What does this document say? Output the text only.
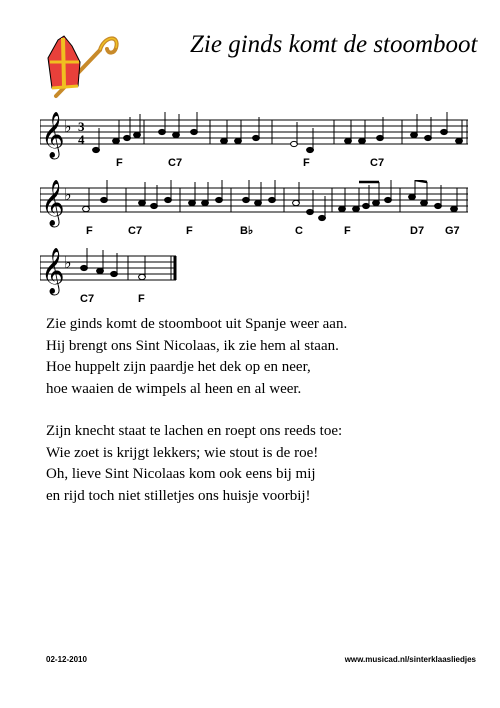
Zie ginds komt de stoomboot
𝄞 ♭ 3
4
F	C7	F	C7
𝄞 ♭
F	C7	F	B♭	C	F	D7 G7
𝄞 ♭
C7	F
Zie ginds komt de stoomboot uit Spanje weer aan.
Hij brengt ons Sint Nicolaas, ik zie hem al staan.
Hoe huppelt zijn paardje het dek op en neer,
hoe waaien de wimpels al heen en al weer.
Zijn knecht staat te lachen en roept ons reeds toe:
Wie zoet is krijgt lekkers; wie stout is de roe!
Oh, lieve Sint Nicolaas kom ook eens bij mij
en rijd toch niet stilletjes ons huisje voorbij!
02-12-2010	www.musicad.nl/sinterklaasliedjes
